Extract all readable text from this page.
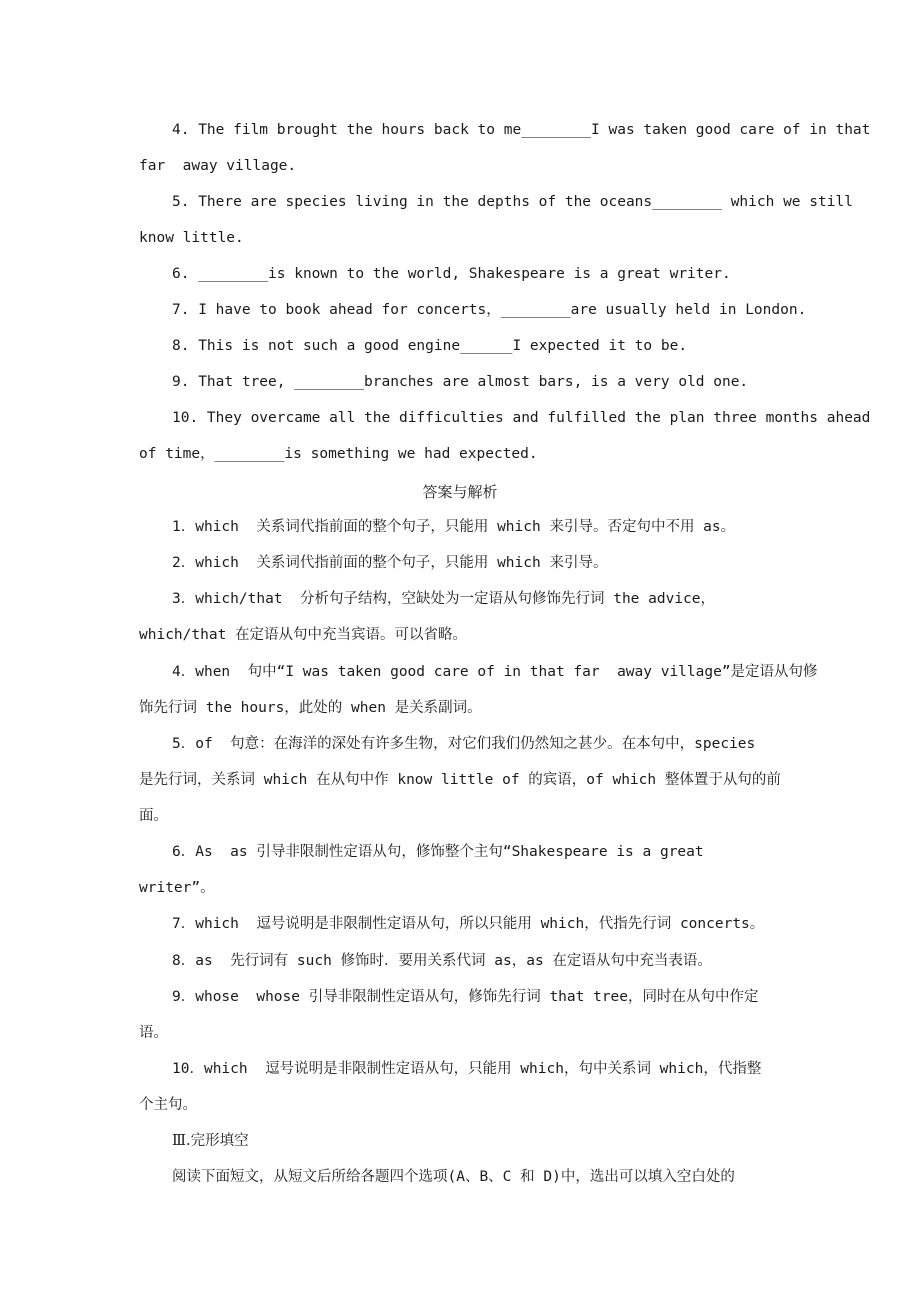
4. The film brought the hours back to me________I was taken good care of in that
far  away village.
5. There are species living in the depths of the oceans________ which we still
know little.
6. ________is known to the world, Shakespeare is a great writer.
7. I have to book ahead for concerts，________are usually held in London.
8. This is not such a good engine______I expected it to be.
9. That tree, ________branches are almost bars, is a very old one.
10. They overcame all the difficulties and fulfilled the plan three months ahead
of time，________is something we had expected.
答案与解析
1．which  关系词代指前面的整个句子，只能用 which 来引导。否定句中不用 as。
2．which  关系词代指前面的整个句子，只能用 which 来引导。
3．which/that  分析句子结构，空缺处为一定语从句修饰先行词 the advice，
which/that 在定语从句中充当宾语。可以省略。
4．when  句中“I was taken good care of in that far  away village”是定语从句修
饰先行词 the hours，此处的 when 是关系副词。
5．of  句意：在海洋的深处有许多生物，对它们我们仍然知之甚少。在本句中，species
是先行词，关系词 which 在从句中作 know little of 的宾语，of which 整体置于从句的前
面。
6．As  as 引导非限制性定语从句，修饰整个主句“Shakespeare is a great
writer”。
7．which  逗号说明是非限制性定语从句，所以只能用 which，代指先行词 concerts。
8．as  先行词有 such 修饰时．要用关系代词 as，as 在定语从句中充当表语。
9．whose  whose 引导非限制性定语从句，修饰先行词 that tree，同时在从句中作定
语。
10．which  逗号说明是非限制性定语从句，只能用 which，句中关系词 which，代指整
个主句。
Ⅲ.完形填空
阅读下面短文，从短文后所给各题四个选项(A、B、C 和 D)中，选出可以填入空白处的
